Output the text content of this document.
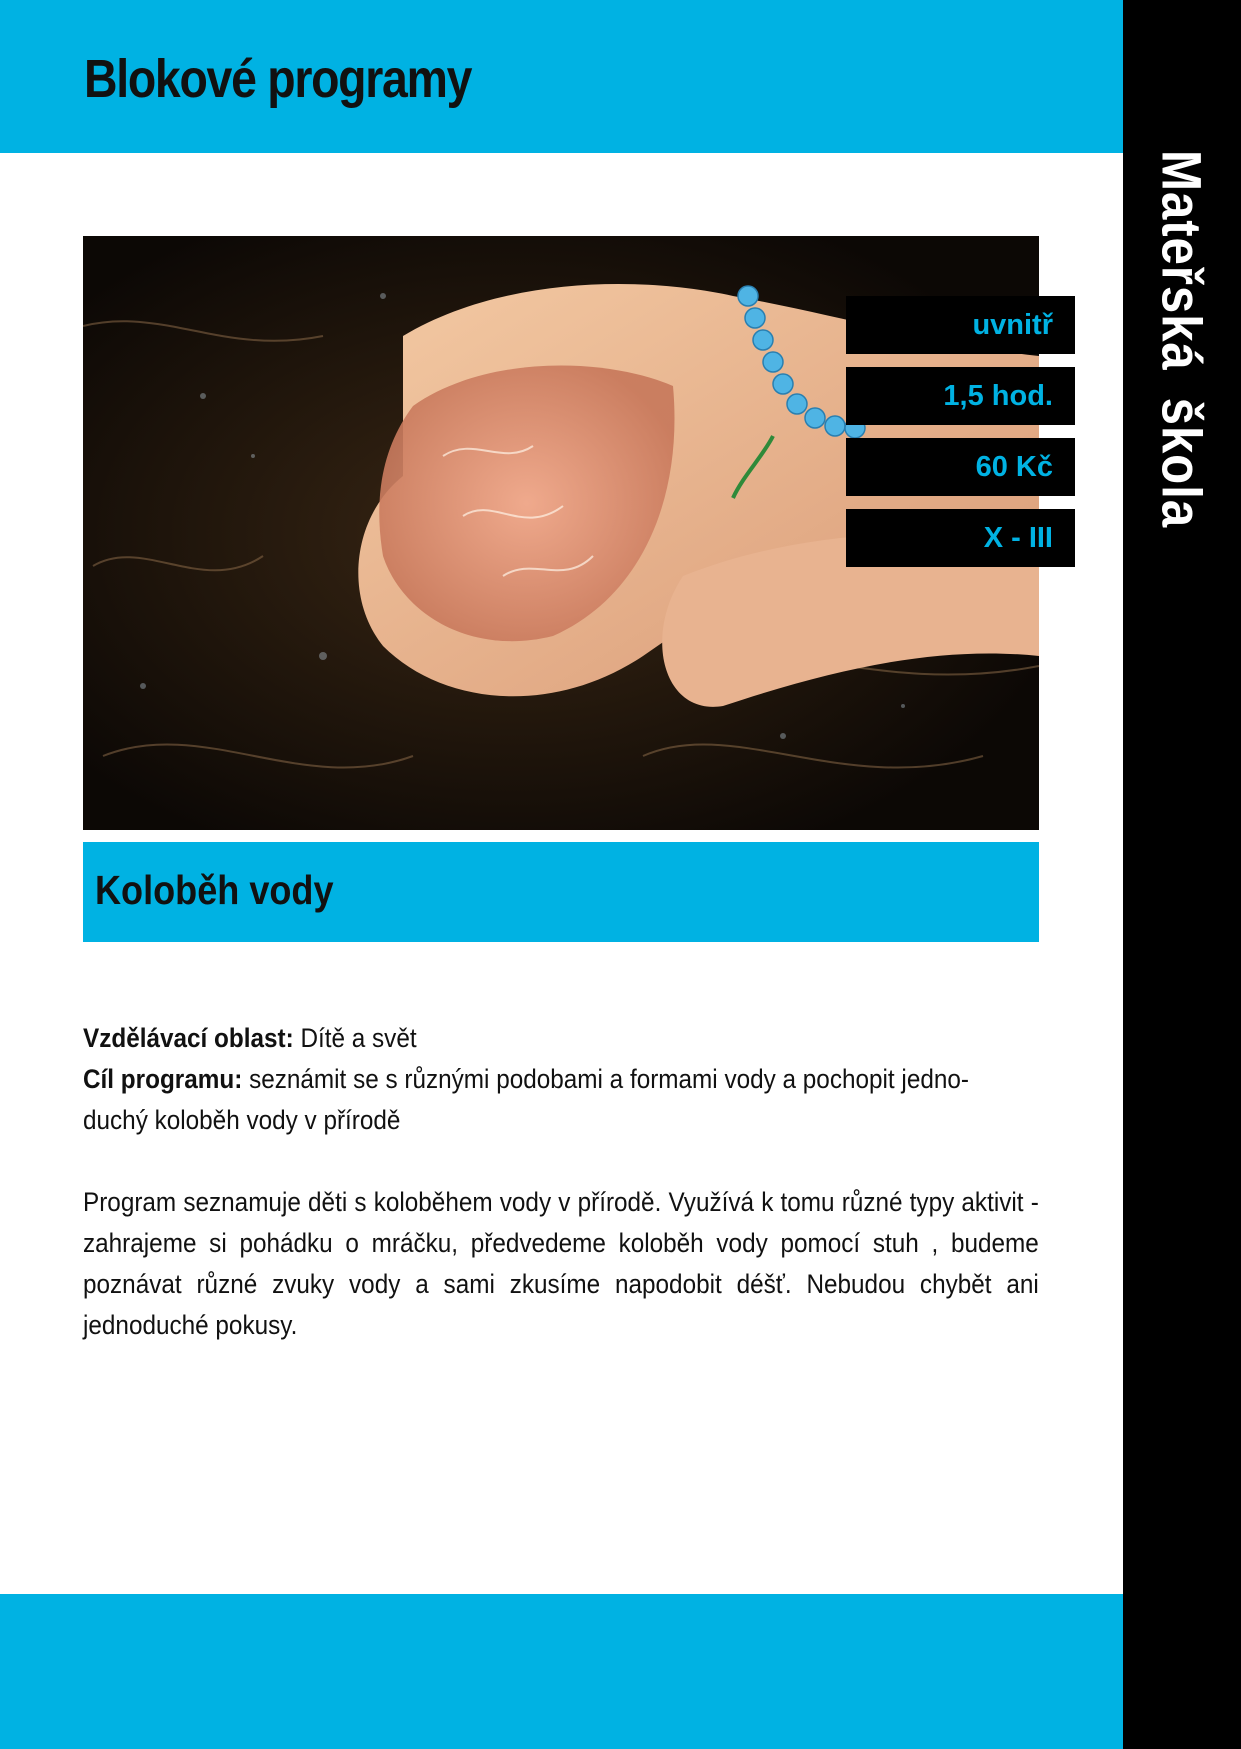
Blokové programy
Mateřská škola
uvnitř
1,5 hod.
60 Kč
X - III
Koloběh vody
Vzdělávací oblast: Dítě a svět
Cíl programu: seznámit se s různými podobami a formami vody a pochopit jedno-
duchý koloběh vody v přírodě
Program seznamuje děti s koloběhem vody v přírodě. Využívá k tomu různé typy aktivit - zahrajeme si pohádku o mráčku, předvedeme koloběh vody pomocí stuh , budeme poznávat různé zvuky vody a sami zkusíme napodobit déšť. Nebudou chybět ani jednoduché pokusy.
